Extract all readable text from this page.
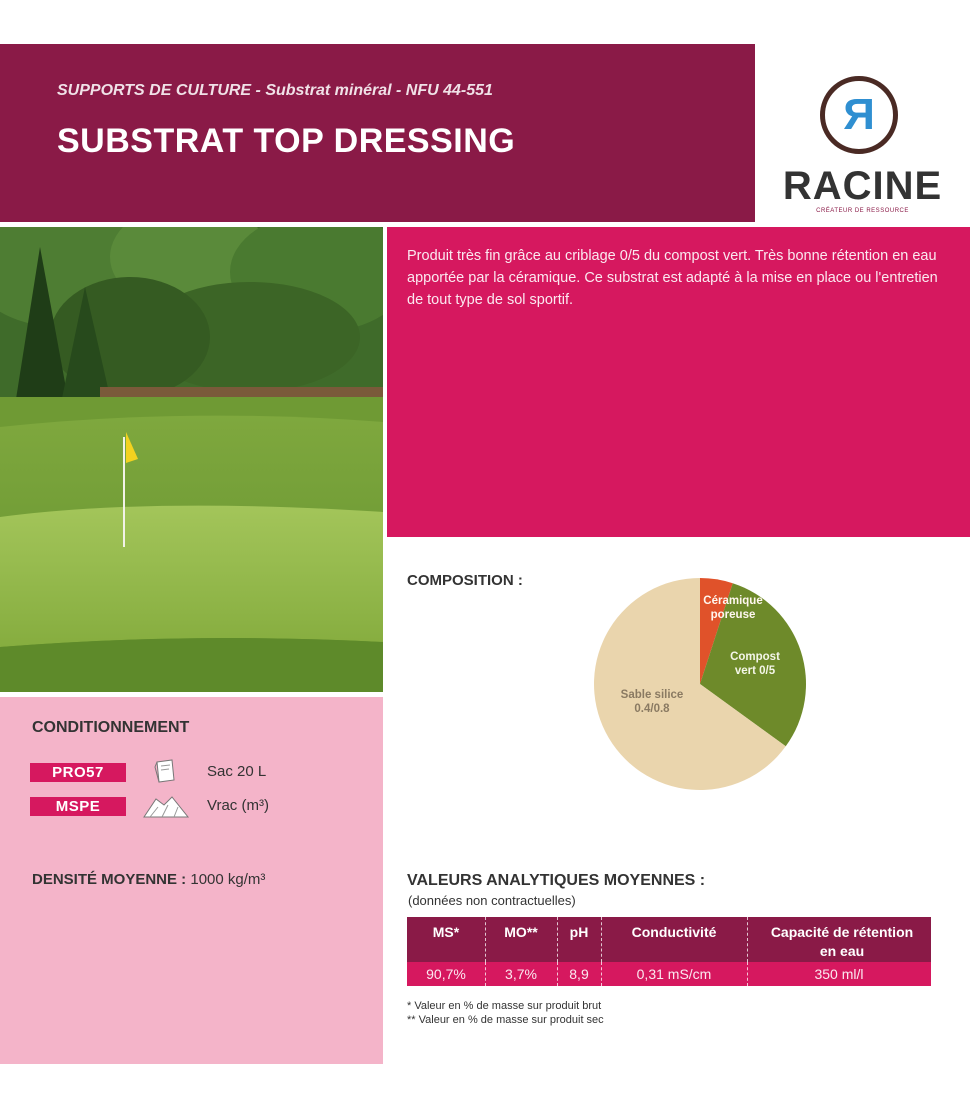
SUPPORTS DE CULTURE - Substrat minéral - NFU 44-551
SUBSTRAT TOP DRESSING
R
RACINE
CRÉATEUR DE RESSOURCE
Produit très fin grâce au criblage 0/5 du compost vert. Très bonne rétention en eau apportée par la céramique. Ce substrat est adapté à la mise en place ou l'entretien de tout type de sol sportif.
COMPOSITION :
Céramique poreuse
Compost vert 0/5
Sable silice 0.4/0.8
CONDITIONNEMENT
PRO57	Sac 20 L
MSPE	Vrac (m³)
DENSITÉ MOYENNE : 1000 kg/m³	VALEURS ANALYTIQUES MOYENNES :
(données non contractuelles)
MS*	MO**	pH	Conductivité	Capacité de rétention en eau
90,7%	3,7%	8,9	0,31 mS/cm	350 ml/l
* Valeur en % de masse sur produit brut
** Valeur en % de masse sur produit sec
